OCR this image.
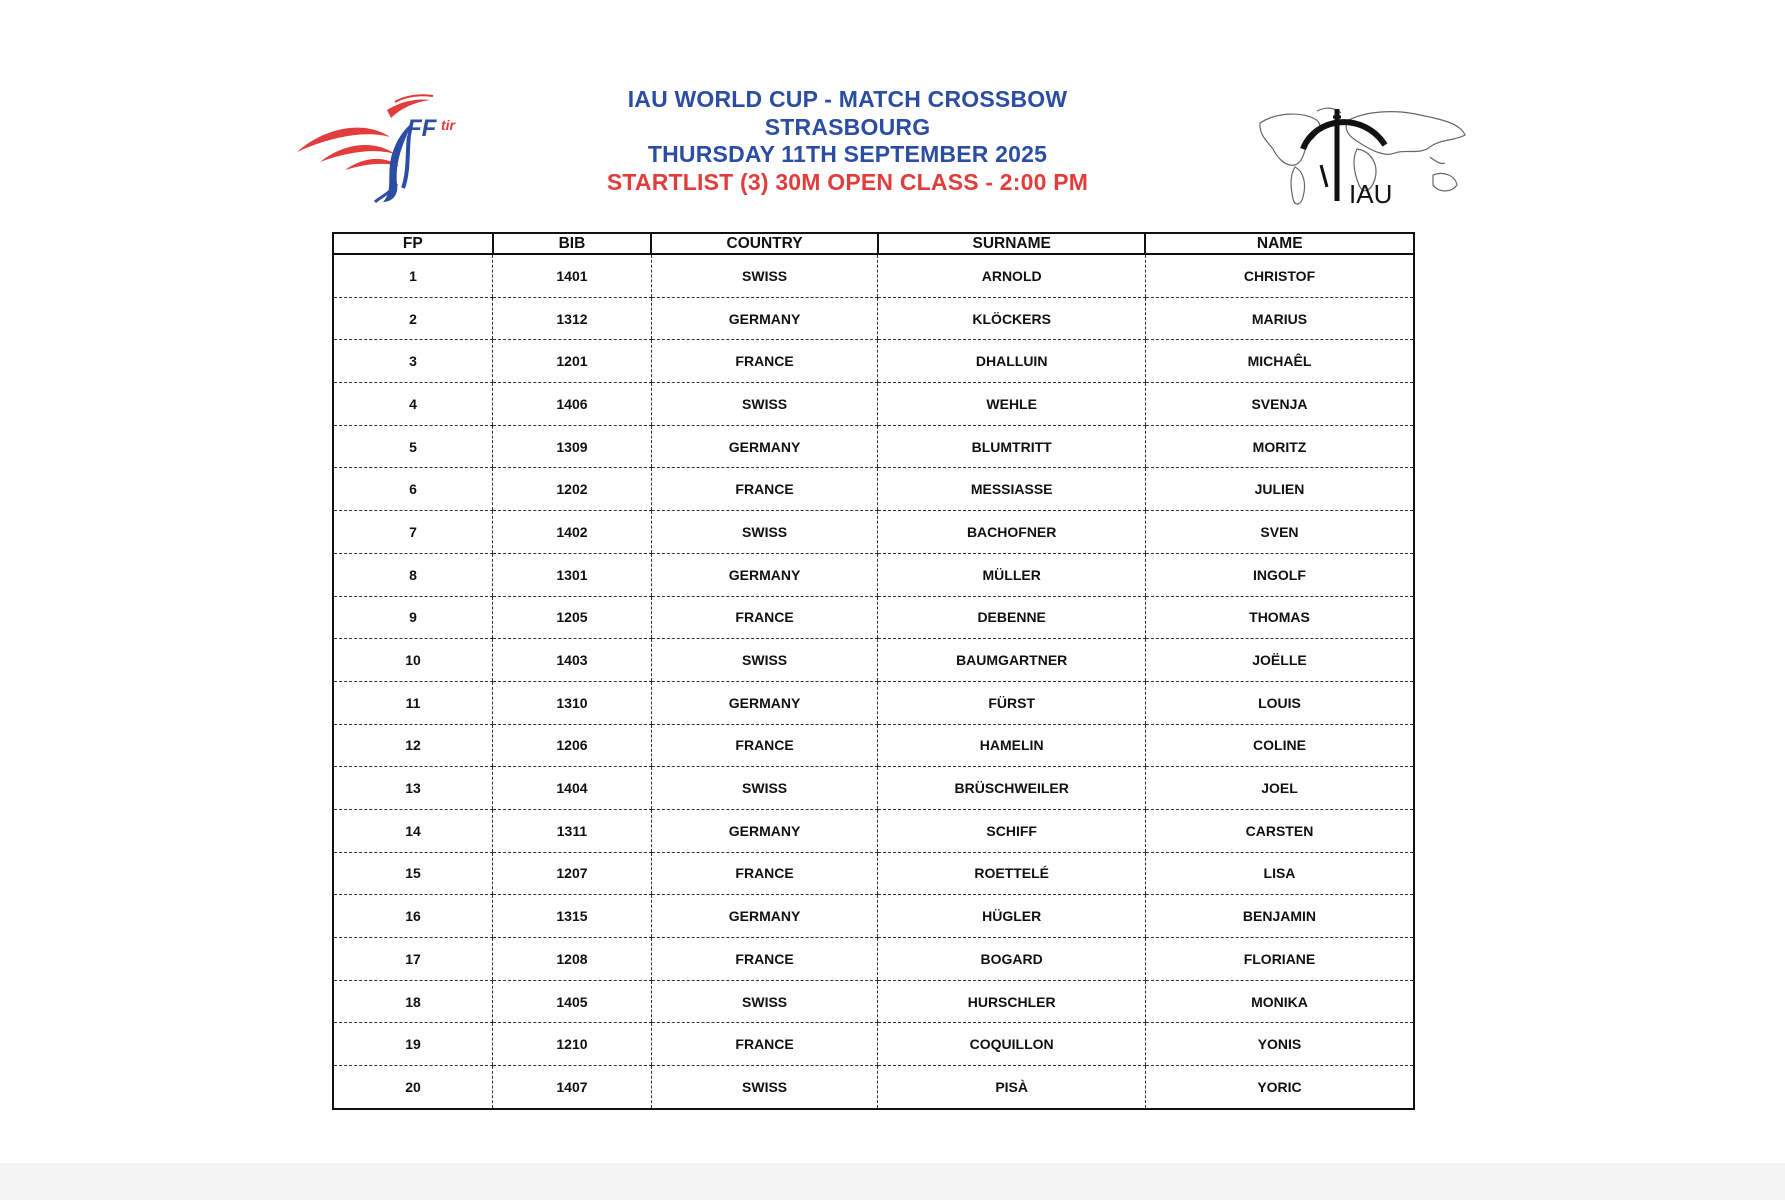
FF tir
IAU
IAU WORLD CUP - MATCH CROSSBOW
STRASBOURG
THURSDAY 11TH SEPTEMBER 2025
STARTLIST (3) 30M OPEN CLASS - 2:00 PM
FP	BIB	COUNTRY	SURNAME	NAME
1	1401	SWISS	ARNOLD	CHRISTOF
2	1312	GERMANY	KLÖCKERS	MARIUS
3	1201	FRANCE	DHALLUIN	MICHAÊL
4	1406	SWISS	WEHLE	SVENJA
5	1309	GERMANY	BLUMTRITT	MORITZ
6	1202	FRANCE	MESSIASSE	JULIEN
7	1402	SWISS	BACHOFNER	SVEN
8	1301	GERMANY	MÜLLER	INGOLF
9	1205	FRANCE	DEBENNE	THOMAS
10	1403	SWISS	BAUMGARTNER	JOËLLE
11	1310	GERMANY	FÜRST	LOUIS
12	1206	FRANCE	HAMELIN	COLINE
13	1404	SWISS	BRÜSCHWEILER	JOEL
14	1311	GERMANY	SCHIFF	CARSTEN
15	1207	FRANCE	ROETTELÉ	LISA
16	1315	GERMANY	HÜGLER	BENJAMIN
17	1208	FRANCE	BOGARD	FLORIANE
18	1405	SWISS	HURSCHLER	MONIKA
19	1210	FRANCE	COQUILLON	YONIS
20	1407	SWISS	PISÀ	YORIC
